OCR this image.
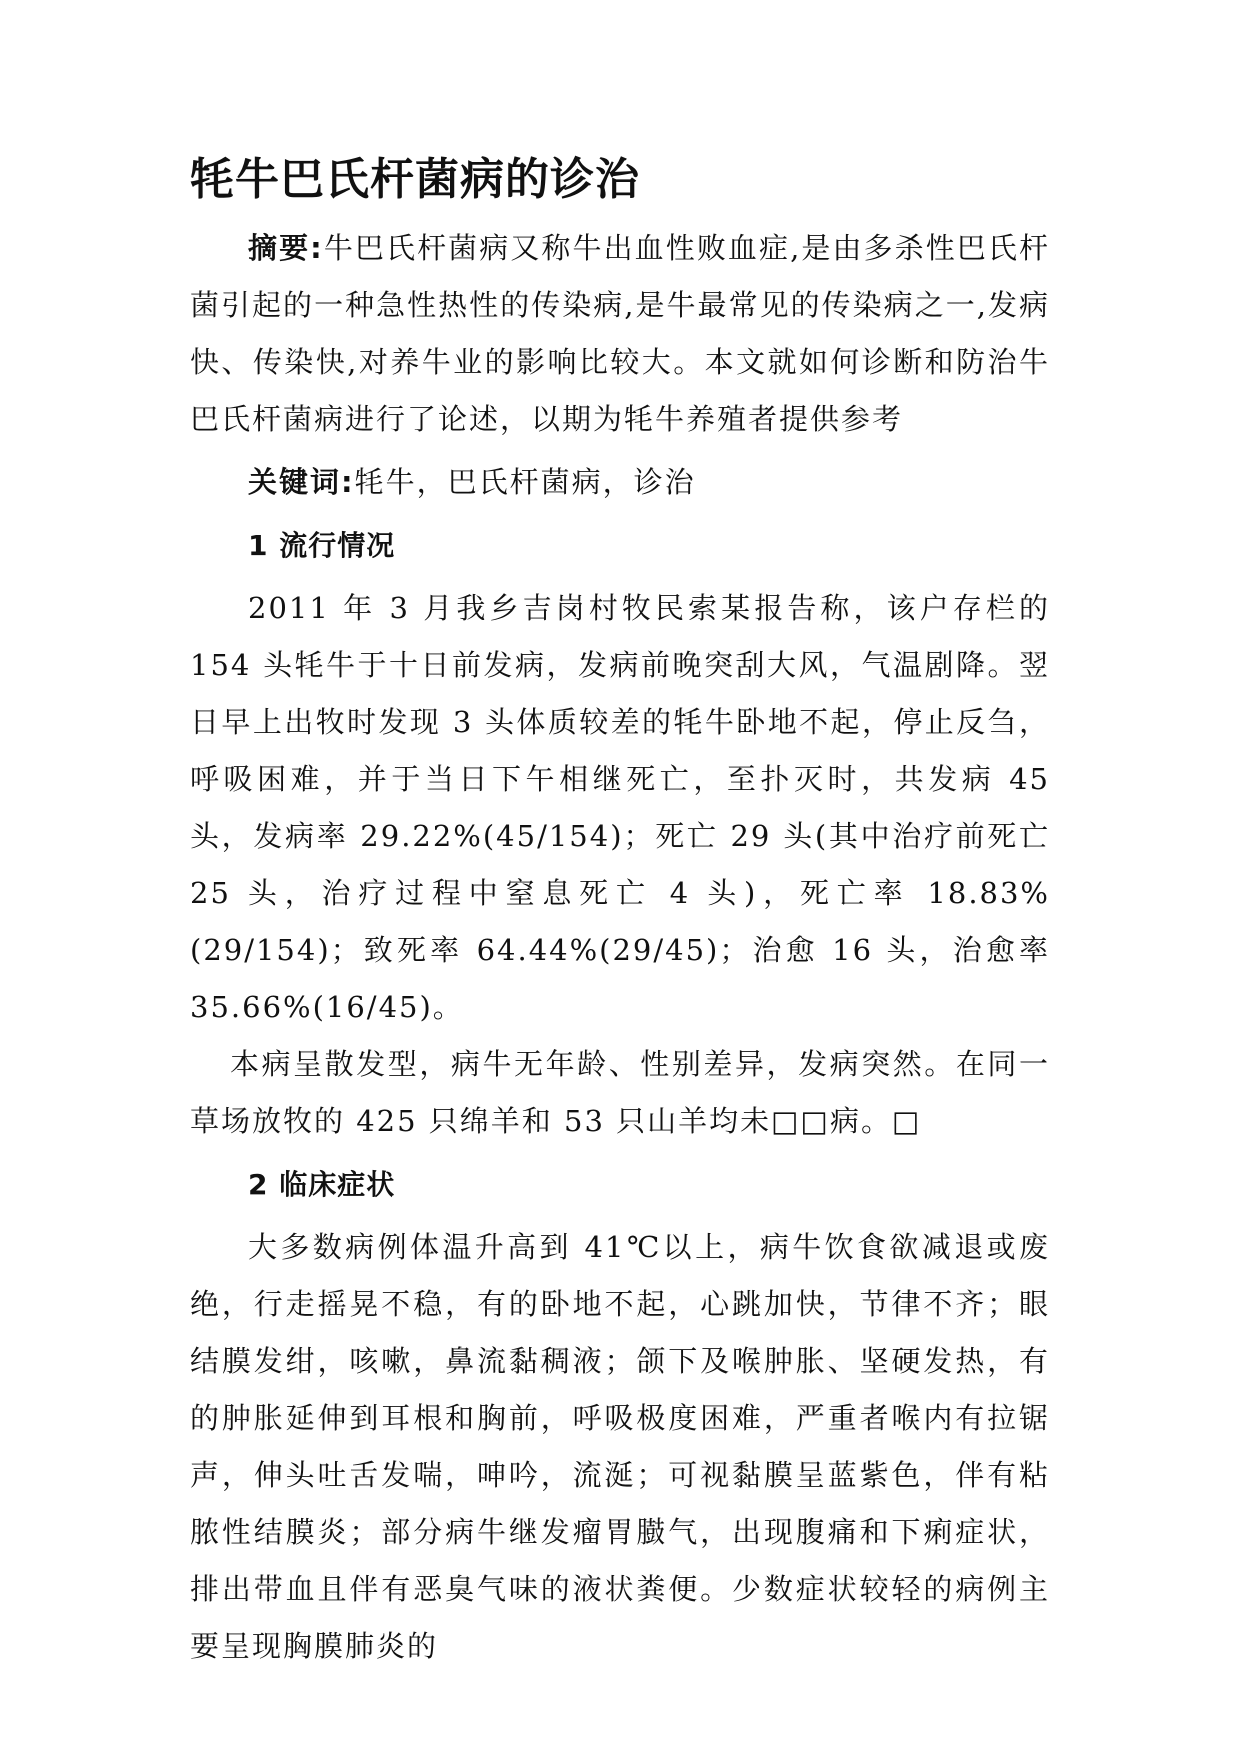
牦牛巴氏杆菌病的诊治

摘要:牛巴氏杆菌病又称牛出血性败血症,是由多杀性巴氏杆菌引起的一种急性热性的传染病,是牛最常见的传染病之一,发病快、传染快,对养牛业的影响比较大。本文就如何诊断和防治牛巴氏杆菌病进行了论述，以期为牦牛养殖者提供参考

关键词:牦牛，巴氏杆菌病，诊治

1 流行情况

2011 年 3 月我乡吉岗村牧民索某报告称，该户存栏的 154 头牦牛于十日前发病，发病前晚突刮大风，气温剧降。翌日早上出牧时发现 3 头体质较差的牦牛卧地不起，停止反刍，呼吸困难，并于当日下午相继死亡，至扑灭时，共发病 45 头，发病率 29.22%(45/154)；死亡 29 头(其中治疗前死亡 25 头，治疗过程中窒息死亡 4 头)，死亡率 18.83%(29/154)；致死率 64.44%(29/45)；治愈 16 头，治愈率 35.66%(16/45)。

本病呈散发型，病牛无年龄、性别差异，发病突然。在同一草场放牧的 425 只绵羊和 53 只山羊均未□□病。□

2 临床症状

大多数病例体温升高到 41℃以上，病牛饮食欲减退或废绝，行走摇晃不稳，有的卧地不起，心跳加快，节律不齐；眼结膜发绀，咳嗽，鼻流黏稠液；颌下及喉肿胀、坚硬发热，有的肿胀延伸到耳根和胸前，呼吸极度困难，严重者喉内有拉锯声，伸头吐舌发喘，呻吟，流涎；可视黏膜呈蓝紫色，伴有粘脓性结膜炎；部分病牛继发瘤胃臌气，出现腹痛和下痢症状，排出带血且伴有恶臭气味的液状粪便。少数症状较轻的病例主要呈现胸膜肺炎的
